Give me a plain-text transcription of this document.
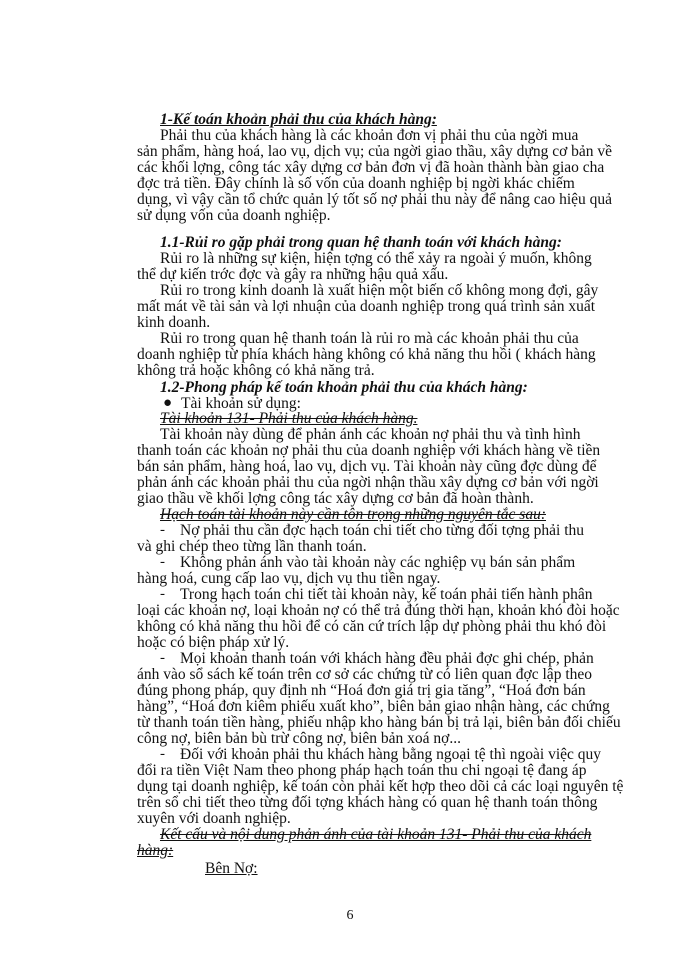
1-Kế toán khoản phải thu của khách hàng:
Phải thu của khách hàng là các khoản đơn vị phải thu của ngời mua
sản phẩm, hàng hoá, lao vụ, dịch vụ; của ngời giao thầu, xây dựng cơ bản về
các khối lợng, công tác xây dựng cơ bản đơn vị đã hoàn thành bàn giao cha
đợc trả tiền. Đây chính là số vốn của doanh nghiệp bị ngời khác chiếm
dụng, vì vậy cần tổ chức quản lý tốt số nợ phải thu này để nâng cao hiệu quả
sử dụng vốn của doanh nghiệp.
1.1-Rủi ro gặp phải trong quan hệ thanh toán với khách hàng:
Rủi ro là những sự kiện, hiện tợng có thể xảy ra ngoài ý muốn, không
thể dự kiến trớc đợc và gây ra những hậu quả xấu.
Rủi ro trong kinh doanh là xuất hiện một biến cố không mong đợi, gây
mất mát về tài sản và lợi nhuận của doanh nghiệp trong quá trình sản xuất
kinh doanh.
Rủi ro trong quan hệ thanh toán là rủi ro mà các khoản phải thu của
doanh nghiệp từ phía khách hàng không có khả năng thu hồi ( khách hàng
không trả hoặc không có khả năng trả.
1.2-Phong pháp kế toán khoản phải thu của khách hàng:
● Tài khoản sử dụng:
Tài khoản 131- Phải thu của khách hàng.
Tài khoản này dùng để phản ánh các khoản nợ phải thu và tình hình
thanh toán các khoản nợ phải thu của doanh nghiệp với khách hàng về tiền
bán sản phẩm, hàng hoá, lao vụ, dịch vụ. Tài khoản này cũng đợc dùng để
phản ánh các khoản phải thu của ngời nhận thầu xây dựng cơ bản với ngời
giao thầu về khối lợng công tác xây dựng cơ bản đã hoàn thành.
Hạch toán tài khoản này cần tôn trọng những nguyên tắc sau:
- Nợ phải thu cần đợc hạch toán chi tiết cho từng đối tợng phải thu
và ghi chép theo từng lần thanh toán.
- Không phản ánh vào tài khoản này các nghiệp vụ bán sản phẩm
hàng hoá, cung cấp lao vụ, dịch vụ thu tiền ngay.
- Trong hạch toán chi tiết tài khoản này, kế toán phải tiến hành phân
loại các khoản nợ, loại khoản nợ có thể trả đúng thời hạn, khoản khó đòi hoặc
không có khả năng thu hồi để có căn cứ trích lập dự phòng phải thu khó đòi
hoặc có biện pháp xử lý.
- Mọi khoản thanh toán với khách hàng đều phải đợc ghi chép, phản
ánh vào sổ sách kế toán trên cơ sở các chứng từ có liên quan đợc lập theo
đúng phong pháp, quy định nh “Hoá đơn giá trị gia tăng”, “Hoá đơn bán
hàng”, “Hoá đơn kiêm phiếu xuất kho”, biên bản giao nhận hàng, các chứng
từ thanh toán tiền hàng, phiếu nhập kho hàng bán bị trả lại, biên bản đối chiếu
công nợ, biên bản bù trừ công nợ, biên bản xoá nợ...
- Đối với khoản phải thu khách hàng bằng ngoại tệ thì ngoài việc quy
đổi ra tiền Việt Nam theo phong pháp hạch toán thu chi ngoại tệ đang áp
dụng tại doanh nghiệp, kế toán còn phải kết hợp theo dõi cả các loại nguyên tệ
trên sổ chi tiết theo từng đối tợng khách hàng có quan hệ thanh toán thông
xuyên với doanh nghiệp.
Kết cấu và nội dung phản ánh của tài khoản 131- Phải thu của khách
hàng:
Bên Nợ:
6
